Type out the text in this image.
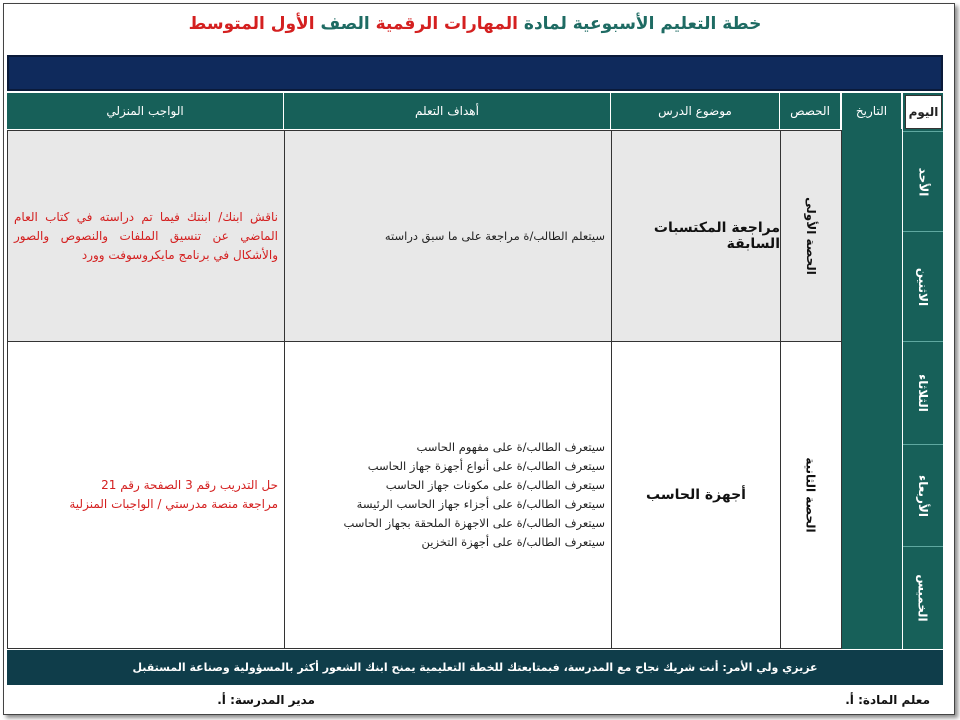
خطة التعليم الأسبوعية لمادة المهارات الرقمية الصف الأول المتوسط
اليوم
الأحد
الاثنين
الثلاثاء
الأربعاء
الخميس
التاريخ
الحصص
موضوع الدرس
أهداف التعلم
الواجب المنزلي
الحصة الأولى
مراجعة المكتسبات السابقة
سيتعلم الطالب/ة مراجعة على ما سبق دراسته
ناقش ابنك/ ابنتك فيما تم دراسته في كتاب العام الماضي عن تنسيق الملفات والنصوص والصور والأشكال في برنامج مايكروسوفت وورد
الحصة الثانية
أجهزة الحاسب
سيتعرف الطالب/ة على مفهوم الحاسب
سيتعرف الطالب/ة على أنواع أجهزة جهاز الحاسب
سيتعرف الطالب/ة على مكونات جهاز الحاسب
سيتعرف الطالب/ة على أجزاء جهاز الحاسب الرئيسة
سيتعرف الطالب/ة على الاجهزة الملحقة بجهاز الحاسب
سيتعرف الطالب/ة على أجهزة التخزين
حل التدريب رقم 3 الصفحة رقم 21
مراجعة منصة مدرستي / الواجبات المنزلية
عزيزي ولي الأمر: أنت شريك نجاح مع المدرسة، فبمتابعتك للخطة التعليمية يمنح ابنك الشعور أكثر بالمسؤولية وصناعة المستقبل
معلم المادة: أ.
مدير المدرسة: أ.
